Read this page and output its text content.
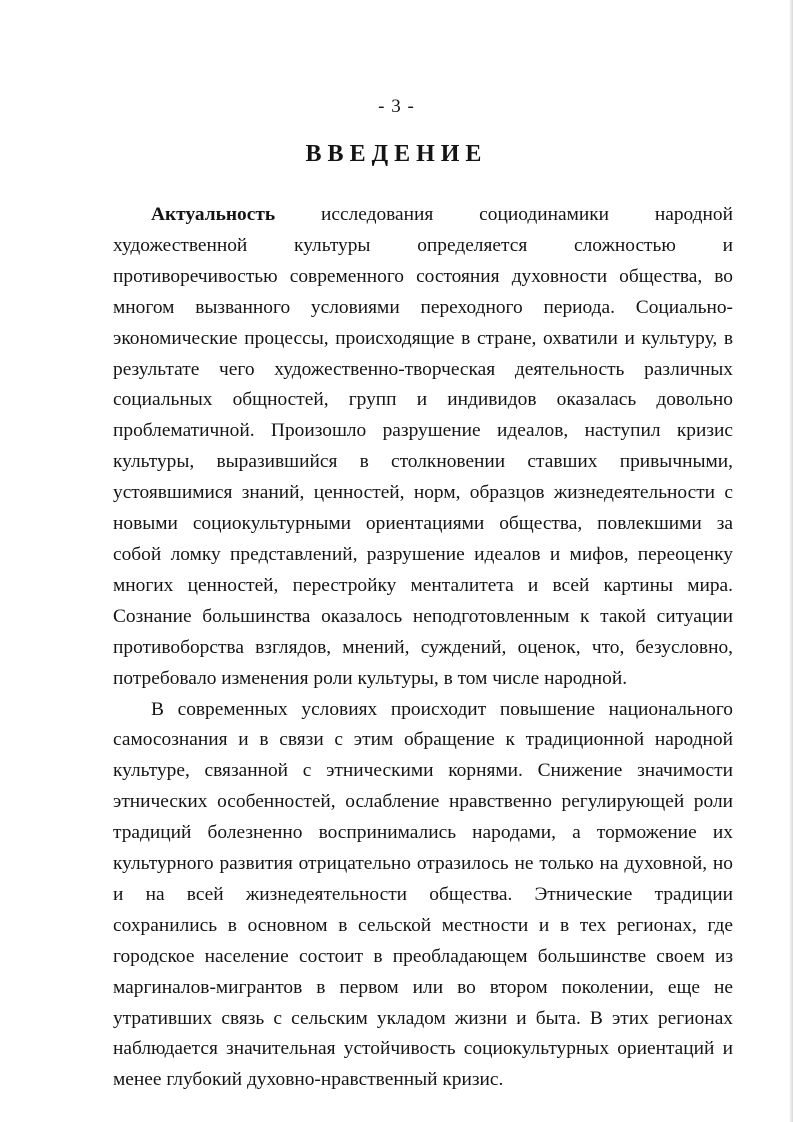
- 3 -
ВВЕДЕНИЕ

Актуальность исследования социодинамики народной художественной культуры определяется сложностью и противоречивостью современного состояния духовности общества, во многом вызванного условиями переходного периода. Социально-экономические процессы, происходящие в стране, охватили и культуру, в результате чего художественно-творческая деятельность различных социальных общностей, групп и индивидов оказалась довольно проблематичной. Произошло разрушение идеалов, наступил кризис культуры, выразившийся в столкновении ставших привычными, устоявшимися знаний, ценностей, норм, образцов жизнедеятельности с новыми социокультурными ориентациями общества, повлекшими за собой ломку представлений, разрушение идеалов и мифов, переоценку многих ценностей, перестройку менталитета и всей картины мира. Сознание большинства оказалось неподготовленным к такой ситуации противоборства взглядов, мнений, суждений, оценок, что, безусловно, потребовало изменения роли культуры, в том числе народной.

В современных условиях происходит повышение национального самосознания и в связи с этим обращение к традиционной народной культуре, связанной с этническими корнями. Снижение значимости этнических особенностей, ослабление нравственно регулирующей роли традиций болезненно воспринимались народами, а торможение их культурного развития отрицательно отразилось не только на духовной, но и на всей жизнедеятельности общества. Этнические традиции сохранились в основном в сельской местности и в тех регионах, где городское население состоит в преобладающем большинстве своем из маргиналов-мигрантов в первом или во втором поколении, еще не утративших связь с сельским укладом жизни и быта. В этих регионах наблюдается значительная устойчивость социокультурных ориентаций и менее глубокий духовно-нравственный кризис.
